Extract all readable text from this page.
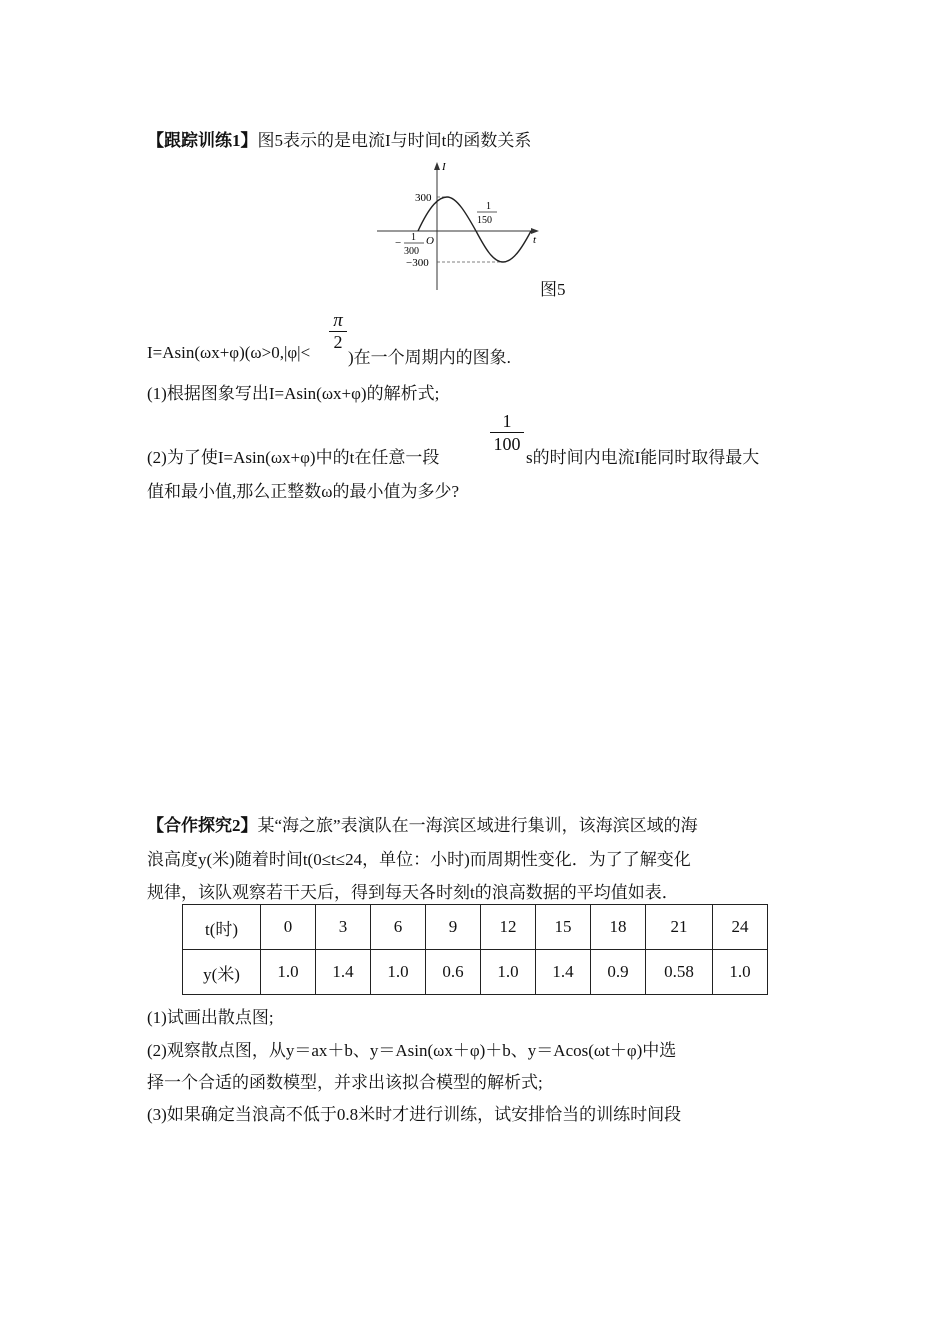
【跟踪训练1】图5表示的是电流I与时间t的函数关系
I
t
O
300
−300
− 1
300
1
150
图5
I=Asin(ωx+φ)(ω>0,|φ|<
π
2
)在一个周期内的图象.
(1)根据图象写出I=Asin(ωx+φ)的解析式;
(2)为了使I=Asin(ωx+φ)中的t在任意一段
1
100
s的时间内电流I能同时取得最大
值和最小值,那么正整数ω的最小值为多少?
【合作探究2】某“海之旅”表演队在一海滨区域进行集训，该海滨区域的海
浪高度y(米)随着时间t(0≤t≤24，单位：小时)而周期性变化．为了了解变化
规律，该队观察若干天后，得到每天各时刻t的浪高数据的平均值如表．
t(时)	0	3	6	9	12	15	18	21	24
y(米)	1.0	1.4	1.0	0.6	1.0	1.4	0.9	0.58	1.0
(1)试画出散点图;
(2)观察散点图，从y＝ax＋b、y＝Asin(ωx＋φ)＋b、y＝Acos(ωt＋φ)中选
择一个合适的函数模型，并求出该拟合模型的解析式;
(3)如果确定当浪高不低于0.8米时才进行训练，试安排恰当的训练时间段
